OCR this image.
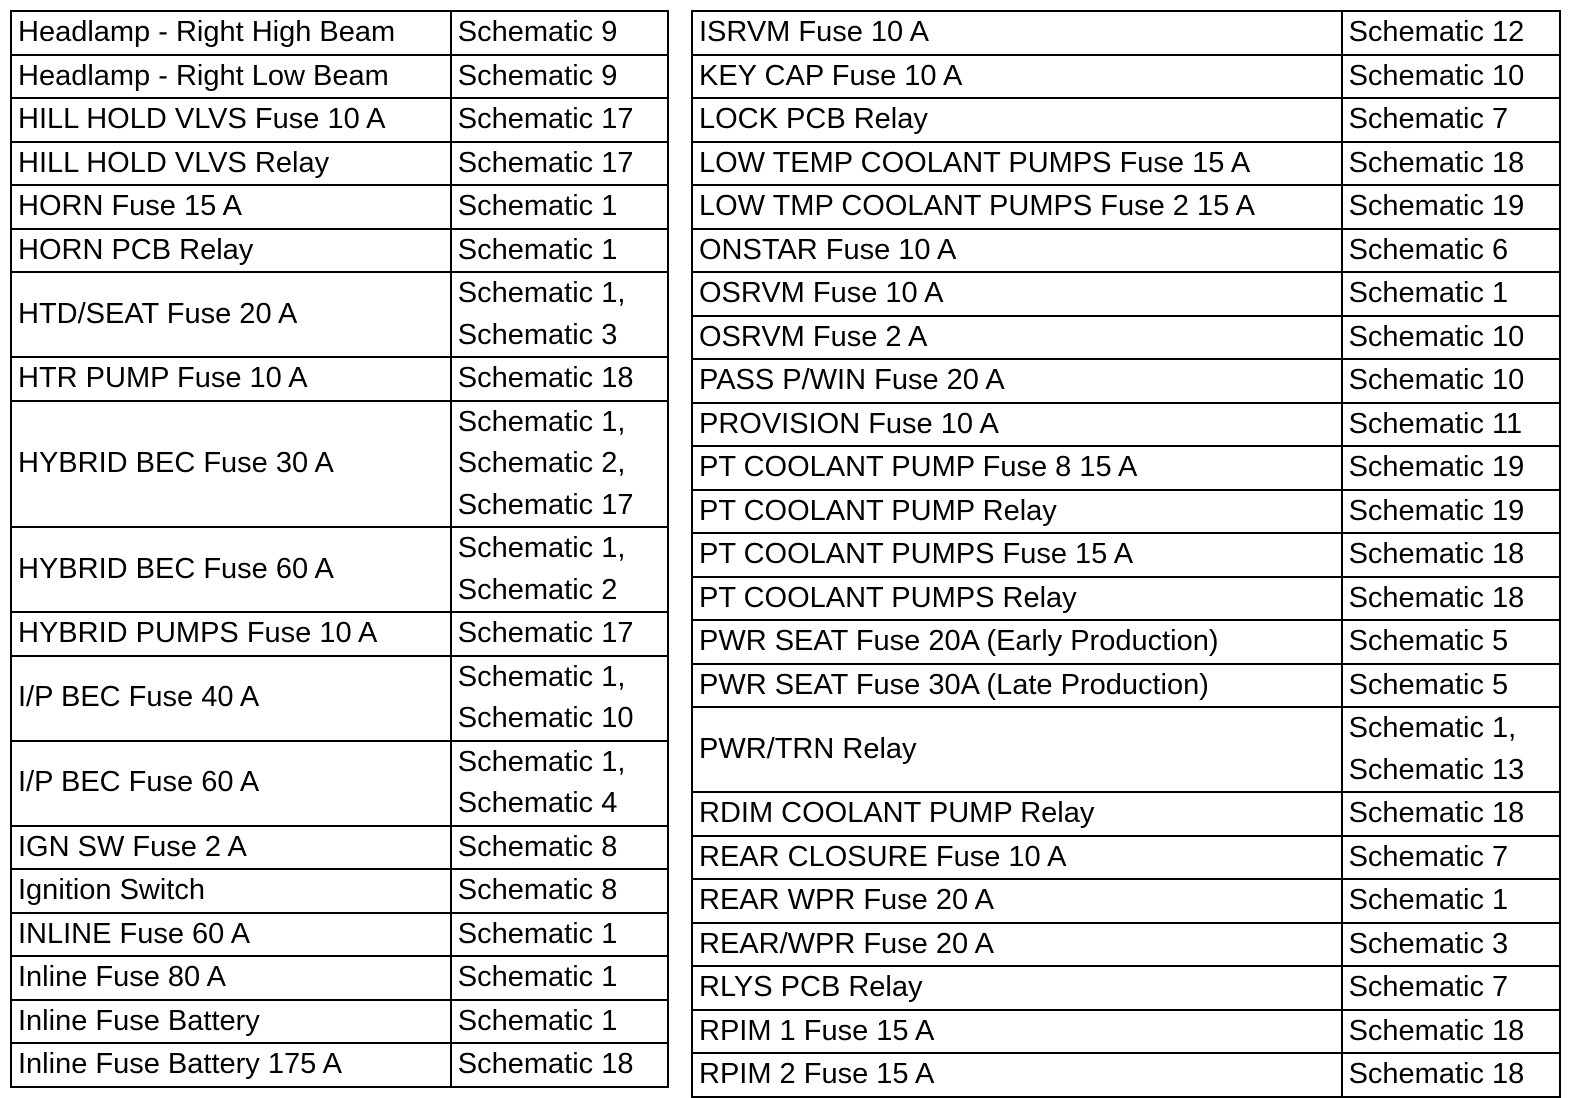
Headlamp - Right High Beam	Schematic 9

Headlamp - Right Low Beam	Schematic 9

HILL HOLD VLVS Fuse 10 A	Schematic 17

HILL HOLD VLVS Relay	Schematic 17

HORN Fuse 15 A	Schematic 1

HORN PCB Relay	Schematic 1

HTD/SEAT Fuse 20 A	Schematic 1,
Schematic 3

HTR PUMP Fuse 10 A	Schematic 18

HYBRID BEC Fuse 30 A	Schematic 1,
Schematic 2,
Schematic 17

HYBRID BEC Fuse 60 A	Schematic 1,
Schematic 2

HYBRID PUMPS Fuse 10 A	Schematic 17

I/P BEC Fuse 40 A	Schematic 1,
Schematic 10

I/P BEC Fuse 60 A	Schematic 1,
Schematic 4

IGN SW Fuse 2 A	Schematic 8

Ignition Switch	Schematic 8

INLINE Fuse 60 A	Schematic 1

Inline Fuse 80 A	Schematic 1

Inline Fuse Battery	Schematic 1

Inline Fuse Battery 175 A	Schematic 18
ISRVM Fuse 10 A	Schematic 12

KEY CAP Fuse 10 A	Schematic 10

LOCK PCB Relay	Schematic 7

LOW TEMP COOLANT PUMPS Fuse 15 A	Schematic 18

LOW TMP COOLANT PUMPS Fuse 2 15 A	Schematic 19

ONSTAR Fuse 10 A	Schematic 6

OSRVM Fuse 10 A	Schematic 1

OSRVM Fuse 2 A	Schematic 10

PASS P/WIN Fuse 20 A	Schematic 10

PROVISION Fuse 10 A	Schematic 11

PT COOLANT PUMP Fuse 8 15 A	Schematic 19

PT COOLANT PUMP Relay	Schematic 19

PT COOLANT PUMPS Fuse 15 A	Schematic 18

PT COOLANT PUMPS Relay	Schematic 18

PWR SEAT Fuse 20A (Early Production)	Schematic 5

PWR SEAT Fuse 30A (Late Production)	Schematic 5

PWR/TRN Relay	Schematic 1,
Schematic 13

RDIM COOLANT PUMP Relay	Schematic 18

REAR CLOSURE Fuse 10 A	Schematic 7

REAR WPR Fuse 20 A	Schematic 1

REAR/WPR Fuse 20 A	Schematic 3

RLYS PCB Relay	Schematic 7

RPIM 1 Fuse 15 A	Schematic 18

RPIM 2 Fuse 15 A	Schematic 18
